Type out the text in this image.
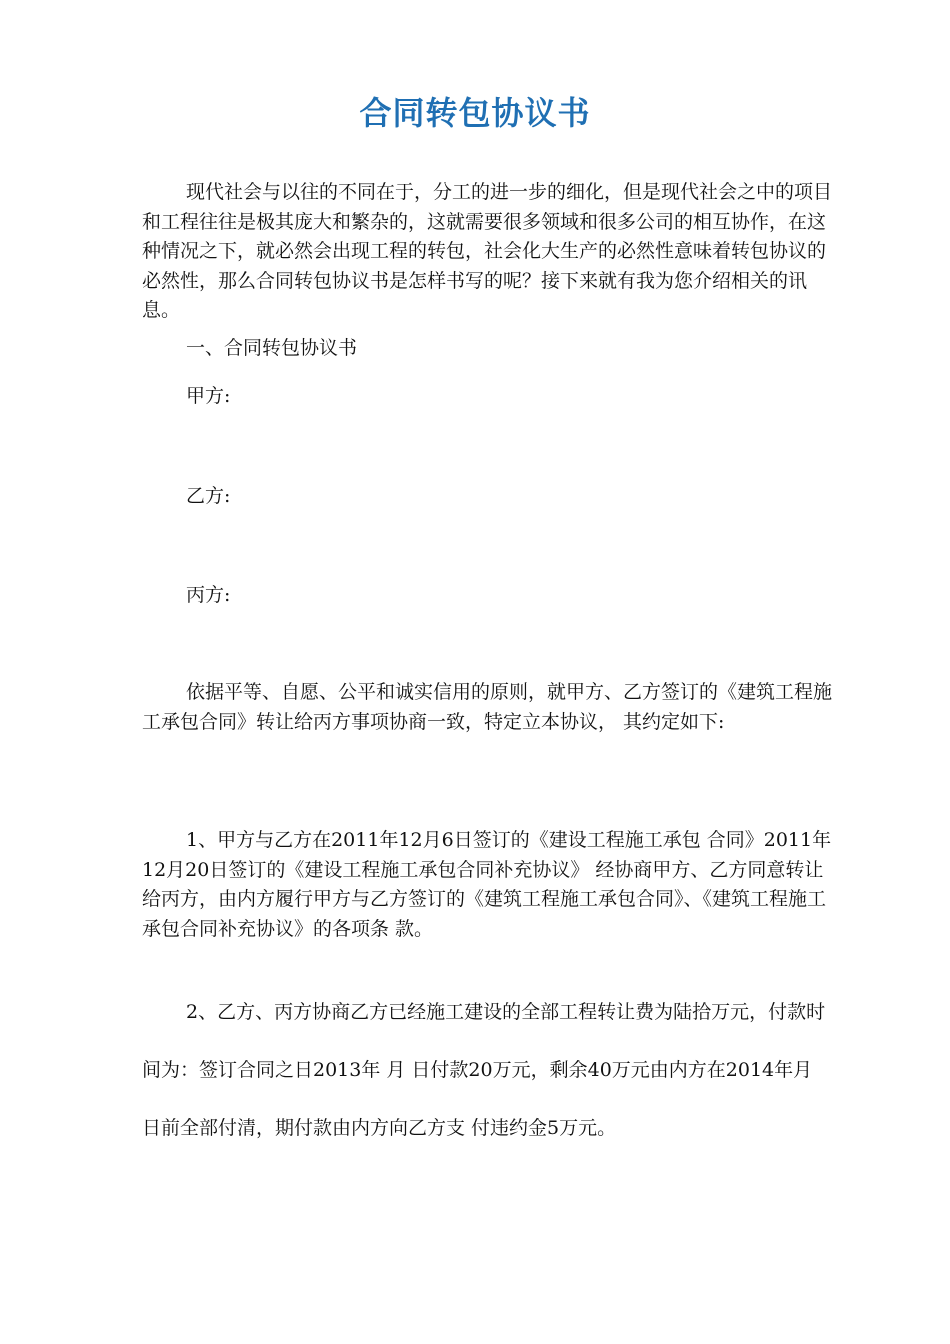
合同转包协议书

现代社会与以往的不同在于，分工的进一步的细化，但是现代社会之中的项目和工程往往是极其庞大和繁杂的，这就需要很多领域和很多公司的相互协作，在这种情况之下，就必然会出现工程的转包，社会化大生产的必然性意味着转包协议的必然性，那么合同转包协议书是怎样书写的呢？接下来就有我为您介绍相关的讯息。

一、合同转包协议书
甲方:
乙方:
丙方:

依据平等、自愿、公平和诚实信用的原则，就甲方、乙方签订的《建筑工程施工承包合同》转让给丙方事项协商一致，特定立本协议， 其约定如下:

1、甲方与乙方在2011年12月6日签订的《建设工程施工承包 合同》2011年12月20日签订的《建设工程施工承包合同补充协议》 经协商甲方、乙方同意转让给丙方，由内方履行甲方与乙方签订的《建筑工程施工承包合同》、《建筑工程施工承包合同补充协议》的各项条 款。

2、乙方、丙方协商乙方已经施工建设的全部工程转让费为陆拾万元，付款时间为：签订合同之日2013年 月 日付款20万元，剩余40万元由内方在2014年月 日前全部付清，期付款由内方向乙方支 付违约金5万元。
